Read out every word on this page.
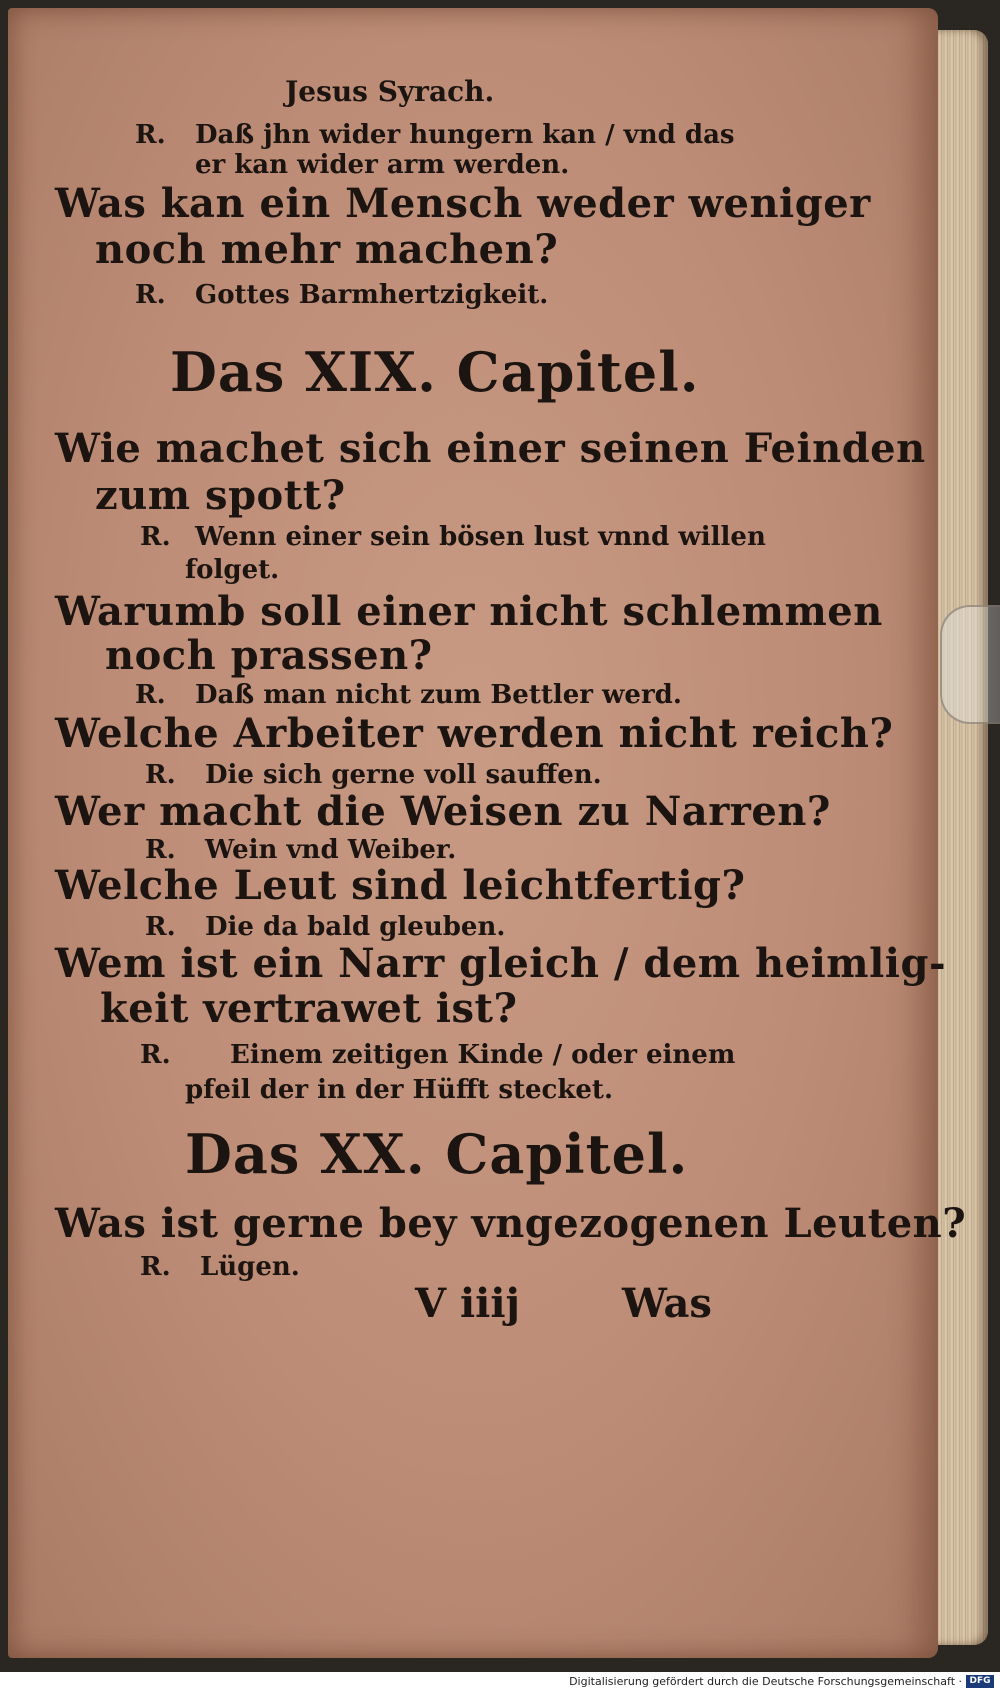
Jesus Syrach.
R. Daß jhn wider hungern kan / vnd das
er kan wider arm werden.
Was kan ein Mensch weder weniger
noch mehr machen?
R. Gottes Barmhertzigkeit.
Das XIX. Capitel.
Wie machet sich einer seinen Feinden
zum spott?
R. Wenn einer sein bösen lust vnnd willen
folget.
Warumb soll einer nicht schlemmen
noch prassen?
R. Daß man nicht zum Bettler werd.
Welche Arbeiter werden nicht reich?
R. Die sich gerne voll sauffen.
Wer macht die Weisen zu Narren?
R. Wein vnd Weiber.
Welche Leut sind leichtfertig?
R. Die da bald gleuben.
Wem ist ein Narr gleich / dem heimlig-
keit vertrawet ist?
R. Einem zeitigen Kinde / oder einem
pfeil der in der Hüfft stecket.
Das XX. Capitel.
Was ist gerne bey vngezogenen Leuten?
R. Lügen.
V iiij	Was
Digitalisierung gefördert durch die Deutsche Forschungsgemeinschaft · DFG
